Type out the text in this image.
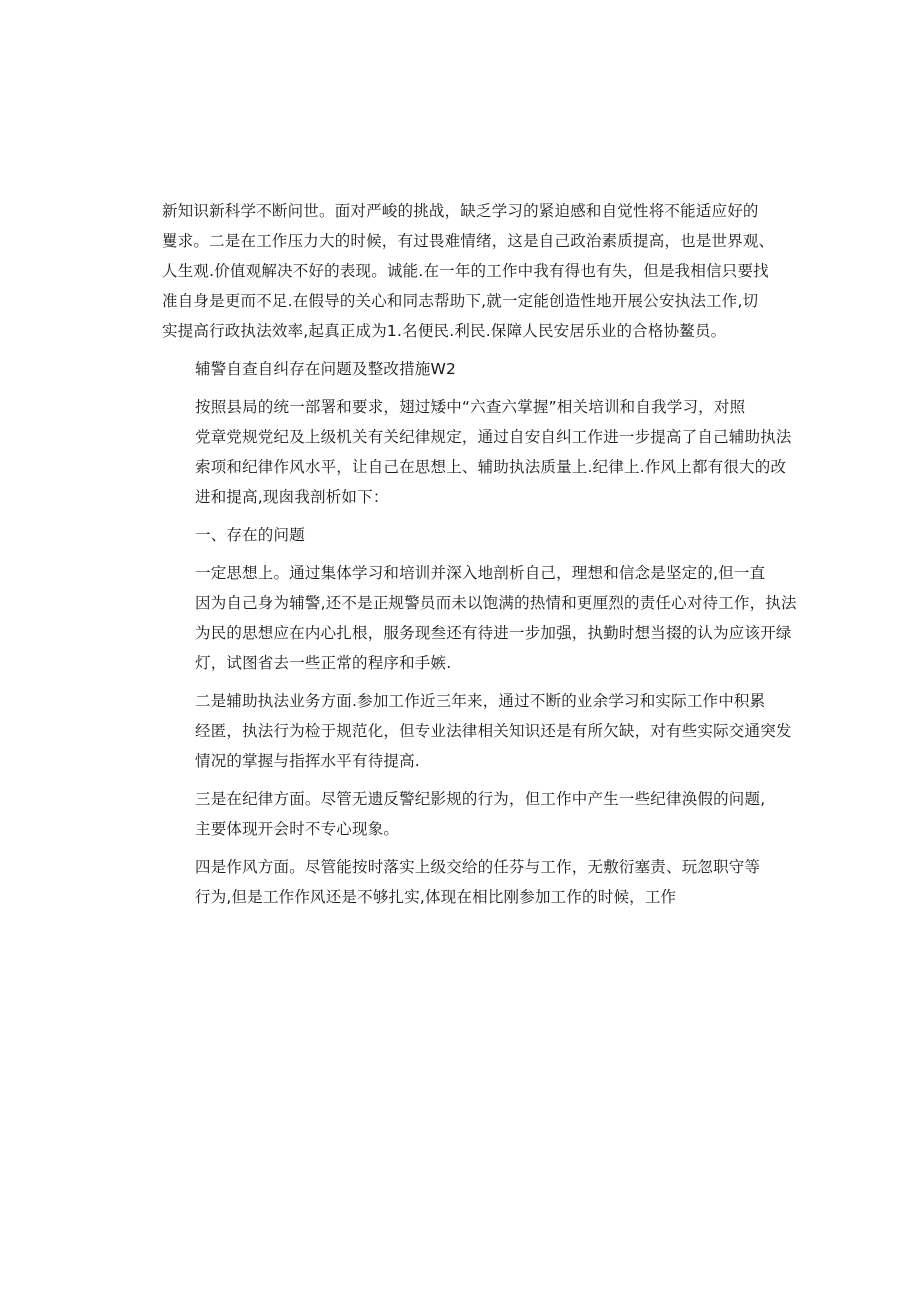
新知识新科学不断问世。面对严峻的挑战，缺乏学习的紧迫感和自觉性将不能适应好的
矍求。二是在工作压力大的时候，有过畏难情绪，这是自己政治素质提高，也是世界观、
人生观.价值观解决不好的表现。诚能.在一年的工作中我有得也有失，但是我相信只要找
准自身是更而不足.在假导的关心和同志帮助下,就一定能创造性地开展公安执法工作,切
实提高行政执法效率,起真正成为1.名便民.利民.保障人民安居乐业的合格协鳌员。

辅警自查自纠存在问题及整改措施W2

按照县局的统一部署和要求，翅过矮中“六查六掌握”相关培训和自我学习，对照
党章党规党纪及上级机关有关纪律规定，通过自安自纠工作进一步提高了自己辅助执法
索项和纪律作风水平，让自己在思想上、辅助执法质量上.纪律上.作风上都有很大的改
进和提高,现囱我剖析如下：

一、存在的问题

一定思想上。通过集体学习和培训并深入地剖析自己，理想和信念是坚定的,但一直
因为自己身为辅警,还不是正规警员而未以饱满的热情和更厘烈的责任心对待工作，执法
为民的思想应在内心扎根，服务现叁还有待进一步加强，执勤时想当掇的认为应该开绿
灯，试图省去一些正常的程序和手嫉.

二是辅助执法业务方面.参加工作近三年来，通过不断的业余学习和实际工作中积累
经匿，执法行为检于规范化，但专业法律相关知识还是有所欠缺，对有些实际交通突发
情况的掌握与指挥水平有待提高.

三是在纪律方面。尽管无遗反警纪影规的行为，但工作中产生一些纪律涣假的问题,
主要体现开会时不专心现象。

四是作风方面。尽管能按时落实上级交给的任芬与工作，无敷衍塞责、玩忽职守等
行为,但是工作作风还是不够扎实,体现在相比刚参加工作的时候，工作
